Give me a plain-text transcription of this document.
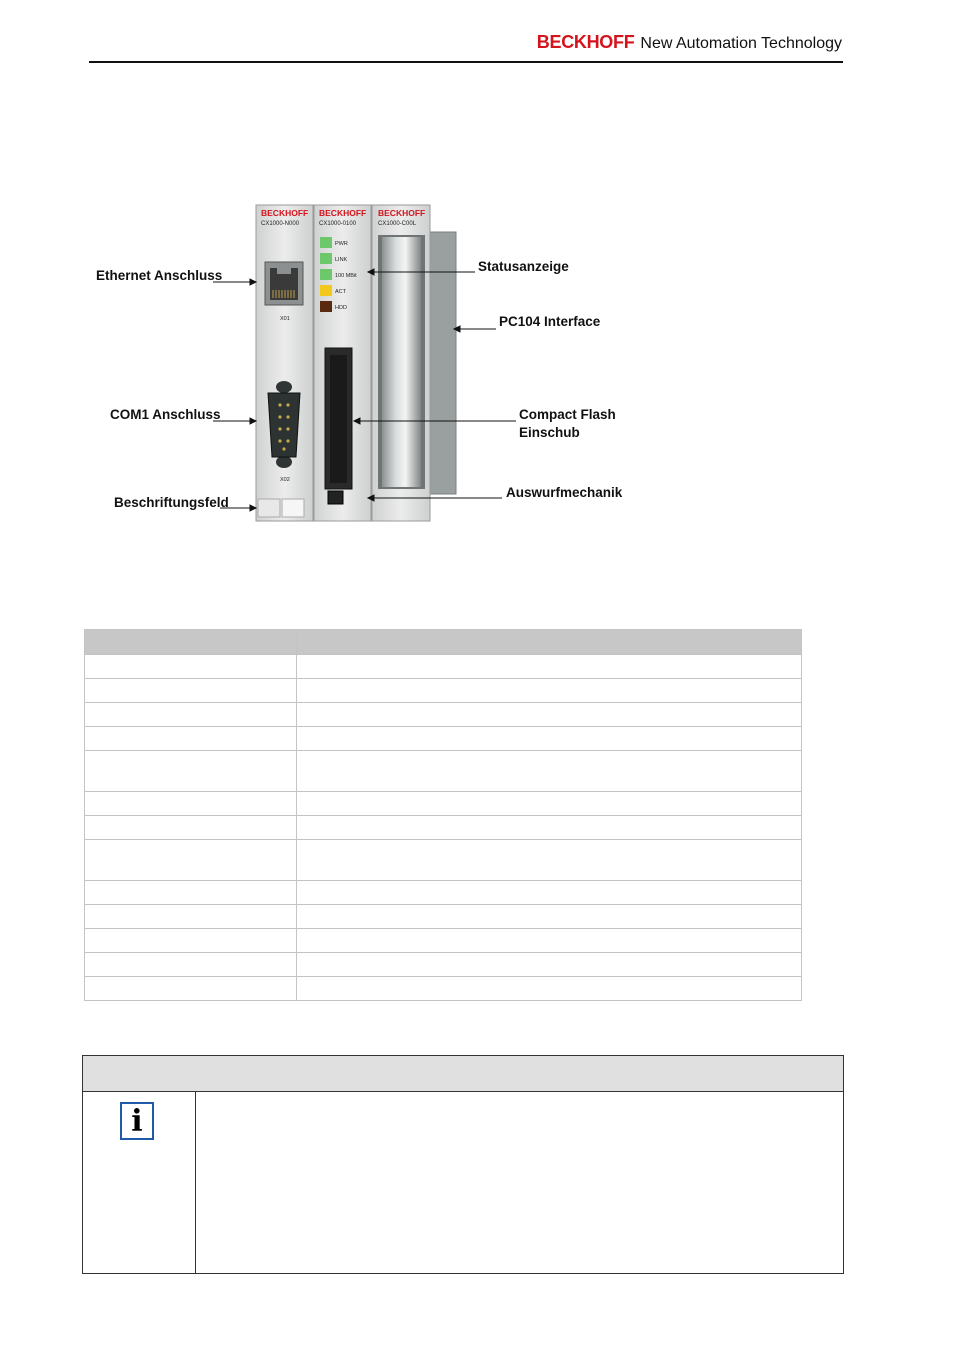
BECKHOFF New Automation Technology
BECKHOFF
CX1000-N000
BECKHOFF
CX1000-0100
BECKHOFF
CX1000-C00L
X01
X02
PWR
LINK
100 MBit
ACT
HDD
Ethernet Anschluss
COM1 Anschluss
Beschriftungsfeld
Statusanzeige
PC104 Interface
Compact Flash
Einschub
Auswurfmechanik

i
